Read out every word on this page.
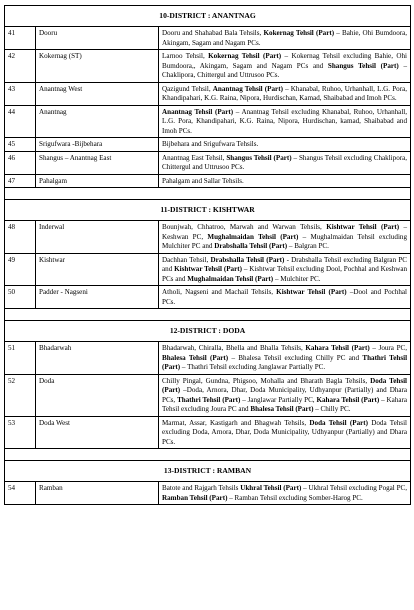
10-DISTRICT : ANANTNAG		
41	Dooru	Dooru and Shahabad Bala Tehsils, Kokernag Tehsil (Part) – Bahie, Ohi Bumdoora, Akingam, Sagam and Nagam PCs.
42	Kokernag (ST)	Larnoo Tehsil, Kokernag Tehsil (Part) – Kokernag Tehsil excluding Bahie, Ohi Bumdoora,, Akingam, Sagam and Nagam PCs and Shangus Tehsil (Part) – Chaklipora, Chittergul and Uttrusoo PCs.
43	Anantnag West	Qazigund Tehsil, Anantnag Tehsil (Part) – Khanabal, Ruhoo, Urhanhall, L.G. Pora, Khandipahari, K.G. Raina, Nipora, Hurdischan, Kamad, Shaibabad and Imoh PCs.
44	Anantnag	Anantnag Tehsil (Part) – Anantnag Tehsil excluding Khanabal, Ruhoo, Urhanhall, L.G. Pora, Khandipahari, K.G. Raina, Nipora, Hurdischan, kamad, Shaibabad and Imoh PCs.
45	Srigufwara -Bijbehara	Bijbehara and Srigufwara Tehsils.
46	Shangus – Anantnag East	Anantnag East Tehsil, Shangus Tehsil (Part) – Shangus Tehsil excluding Chaklipora, Chittergul and Uttrusoo PCs.
47	Pahalgam	Pahalgam and Sallar Tehsils.

11-DISTRICT : KISHTWAR		
48	Inderwal	Bounjwah, Chhatroo, Marwah and Warwan Tehsils, Kishtwar Tehsil (Part) – Keshwan PC, Mughalmaidan Tehsil (Part) – Mughalmaidan Tehsil excluding Mulchiter PC and Drabshalla Tehsil (Part) – Balgran PC.
49	Kishtwar	Dachhan Tehsil, Drabshalla Tehsil (Part) - Drabshalla Tehsil excluding Balgran PC and Kishtwar Tehsil (Part) – Kishtwar Tehsil excluding Dool, Pochhal and Keshwan PCs and Mughalmaidan Tehsil (Part) – Mulchiter PC.
50	Padder - Nagseni	Atholi, Nagseni and Machail Tehsils, Kishtwar Tehsil (Part) –Dool and Pochhal PCs.

12-DISTRICT : DODA		
51	Bhadarwah	Bhadarwah, Chiralla, Bhella and Bhalla Tehsils, Kahara Tehsil (Part) – Joura PC, Bhalesa Tehsil (Part) – Bhalesa Tehsil excluding Chilly PC and Thathri Tehsil (Part) – Thathri Tehsil excluding Janglawar Partially PC.
52	Doda	Chilly Pingal, Gundna, Phigsoo, Mohalla and Bharath Bagla Tehsils, Doda Tehsil (Part) –Doda, Arnora, Dhar, Doda Municipality, Udhyanpur (Partially) and Dhara PCs, Thathri Tehsil (Part) – Janglawar Partially PC, Kahara Tehsil (Part) – Kahara Tehsil excluding Joura PC and Bhalesa Tehsil (Part) – Chilly PC.
53	Doda West	Marmat, Assar, Kastigarh and Bhagwah Tehsils, Doda Tehsil (Part) Doda Tehsil excluding Doda, Arnora, Dhar, Doda Municipality, Udhyanpur (Partially) and Dhara PCs.

13-DISTRICT : RAMBAN		
54	Ramban	Batote and Rajgarh Tehsils Ukhral Tehsil (Part) – Ukhral Tehsil excluding Pogal PC, Ramban Tehsil (Part) – Ramban Tehsil excluding Somber-Harog PC.
